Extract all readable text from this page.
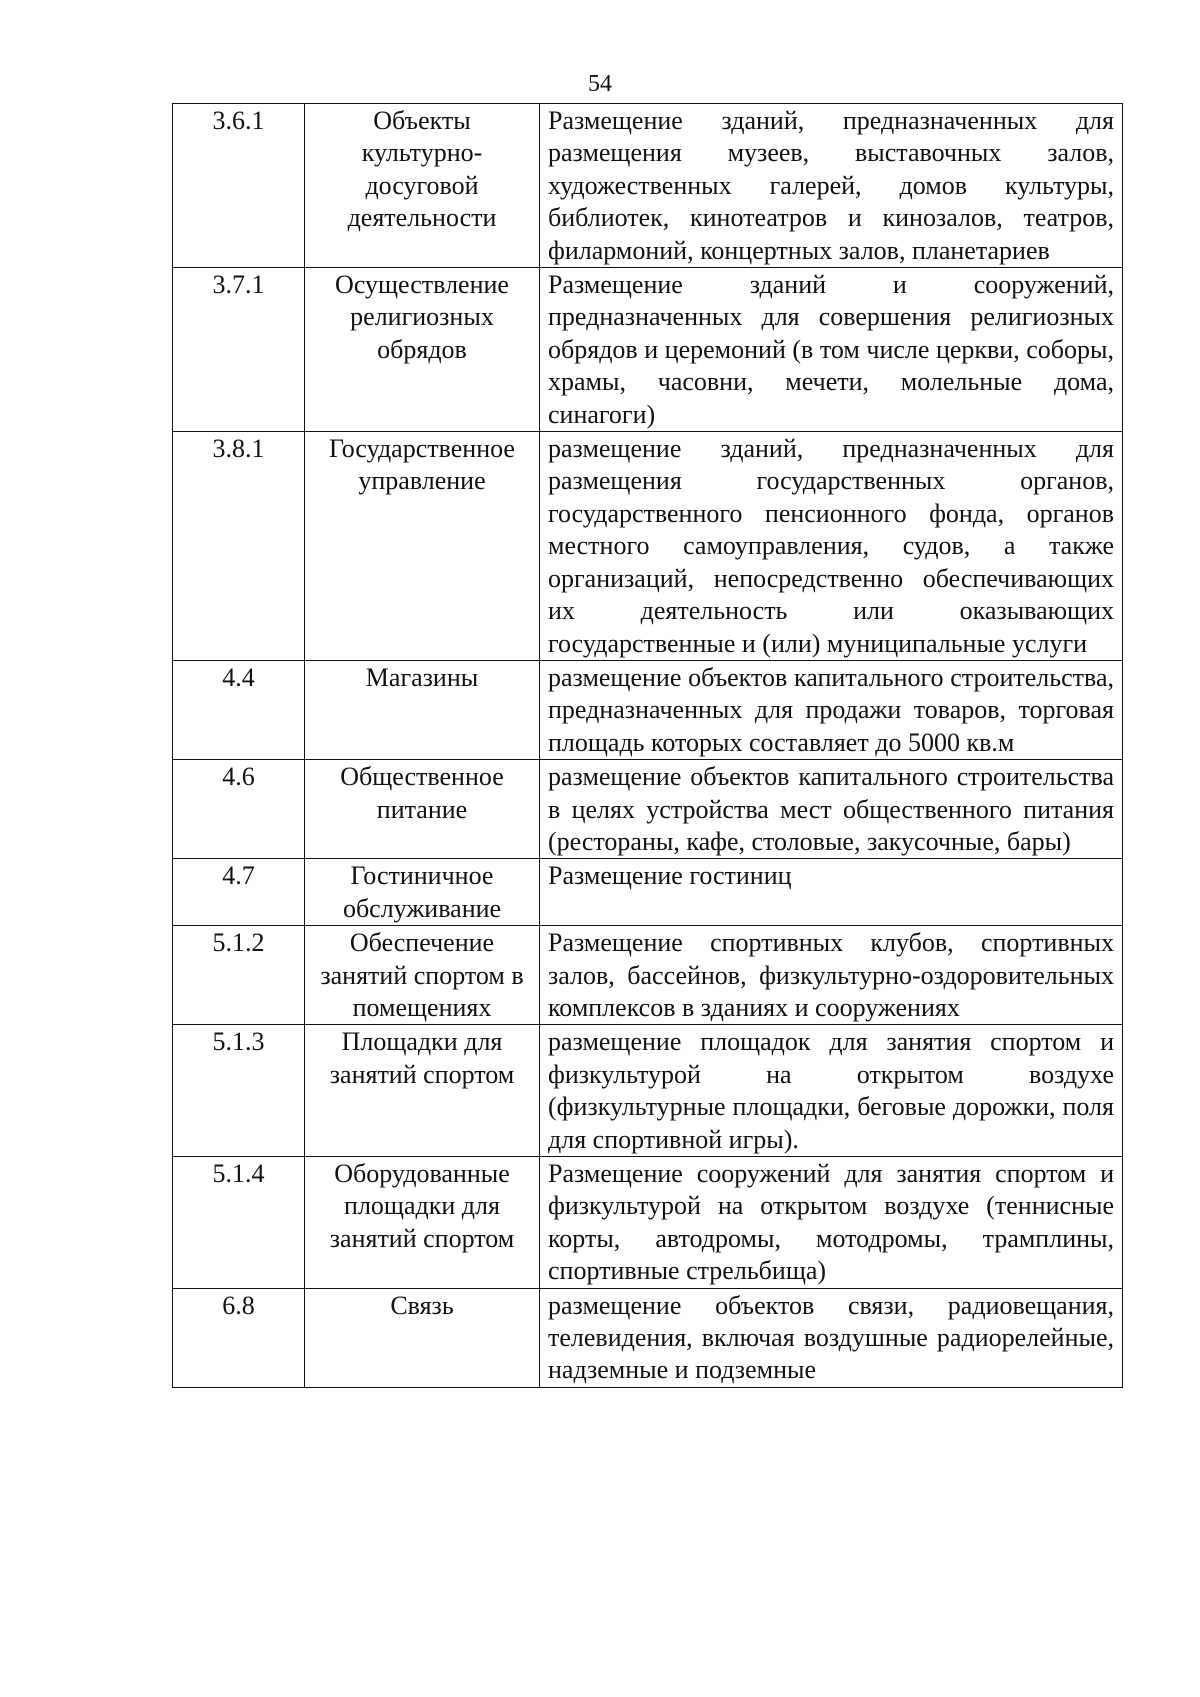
54
3.6.1	Объекты культурно-досуговой деятельности	Размещение зданий, предназначенных для размещения музеев, выставочных залов, художественных галерей, домов культуры, библиотек, кинотеатров и кинозалов, театров, филармоний, концертных залов, планетариев
3.7.1	Осуществление религиозных обрядов	Размещение зданий и сооружений, предназначенных для совершения религиозных обрядов и церемоний (в том числе церкви, соборы, храмы, часовни, мечети, молельные дома, синагоги)
3.8.1	Государственное управление	размещение зданий, предназначенных для размещения государственных органов, государственного пенсионного фонда, органов местного самоуправления, судов, а также организаций, непосредственно обеспечивающих их деятельность или оказывающих государственные и (или) муниципальные услуги
4.4	Магазины	размещение объектов капитального строительства, предназначенных для продажи товаров, торговая площадь которых составляет до 5000 кв.м
4.6	Общественное питание	размещение объектов капитального строительства в целях устройства мест общественного питания (рестораны, кафе, столовые, закусочные, бары)
4.7	Гостиничное обслуживание	Размещение гостиниц
5.1.2	Обеспечение занятий спортом в помещениях	Размещение спортивных клубов, спортивных залов, бассейнов, физкультурно-оздоровительных комплексов в зданиях и сооружениях
5.1.3	Площадки для занятий спортом	размещение площадок для занятия спортом и физкультурой на открытом воздухе (физкультурные площадки, беговые дорожки, поля для спортивной игры).
5.1.4	Оборудованные площадки для занятий спортом	Размещение сооружений для занятия спортом и физкультурой на открытом воздухе (теннисные корты, автодромы, мотодромы, трамплины, спортивные стрельбища)
6.8	Связь	размещение объектов связи, радиовещания, телевидения, включая воздушные радиорелейные, надземные и подземные
